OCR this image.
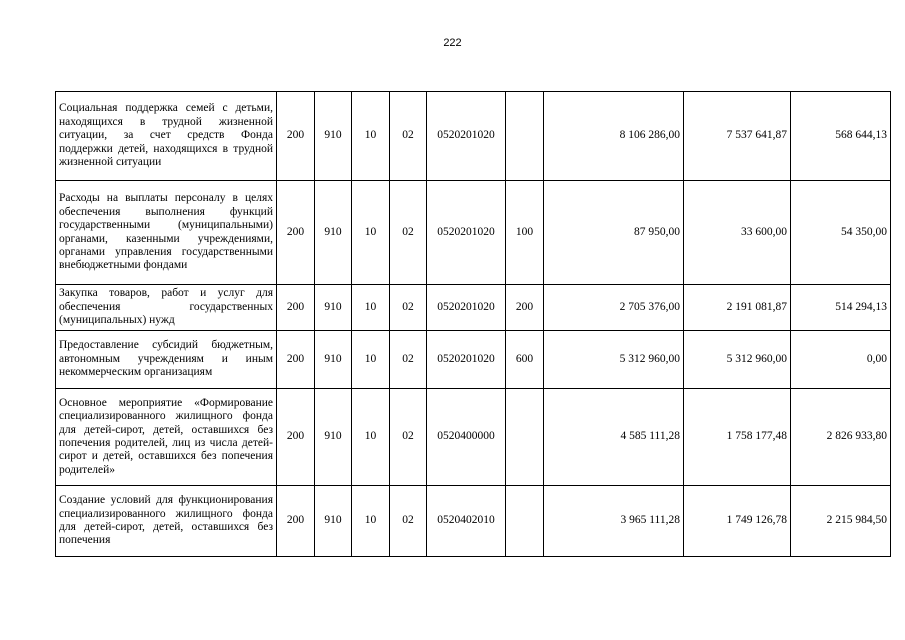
222
Социальная поддержка семей с детьми, находящихся в трудной жизненной ситуации, за счет средств Фонда поддержки детей, находящихся в трудной жизненной ситуации	200	910	10	02	0520201020		8 106 286,00	7 537 641,87	568 644,13
Расходы на выплаты персоналу в целях обеспечения выполнения функций государственными (муниципальными) органами, казенными учреждениями, органами управления государственными внебюджетными фондами	200	910	10	02	0520201020	100	87 950,00	33 600,00	54 350,00
Закупка товаров, работ и услуг для обеспечения государственных (муниципальных) нужд	200	910	10	02	0520201020	200	2 705 376,00	2 191 081,87	514 294,13
Предоставление субсидий бюджетным, автономным учреждениям и иным некоммерческим организациям	200	910	10	02	0520201020	600	5 312 960,00	5 312 960,00	0,00
Основное мероприятие «Формирование специализированного жилищного фонда для детей-сирот, детей, оставшихся без попечения родителей, лиц из числа детей-сирот и детей, оставшихся без попечения родителей»	200	910	10	02	0520400000		4 585 111,28	1 758 177,48	2 826 933,80
Создание условий для функционирования специализированного жилищного фонда для детей-сирот, детей, оставшихся без попечения	200	910	10	02	0520402010		3 965 111,28	1 749 126,78	2 215 984,50
